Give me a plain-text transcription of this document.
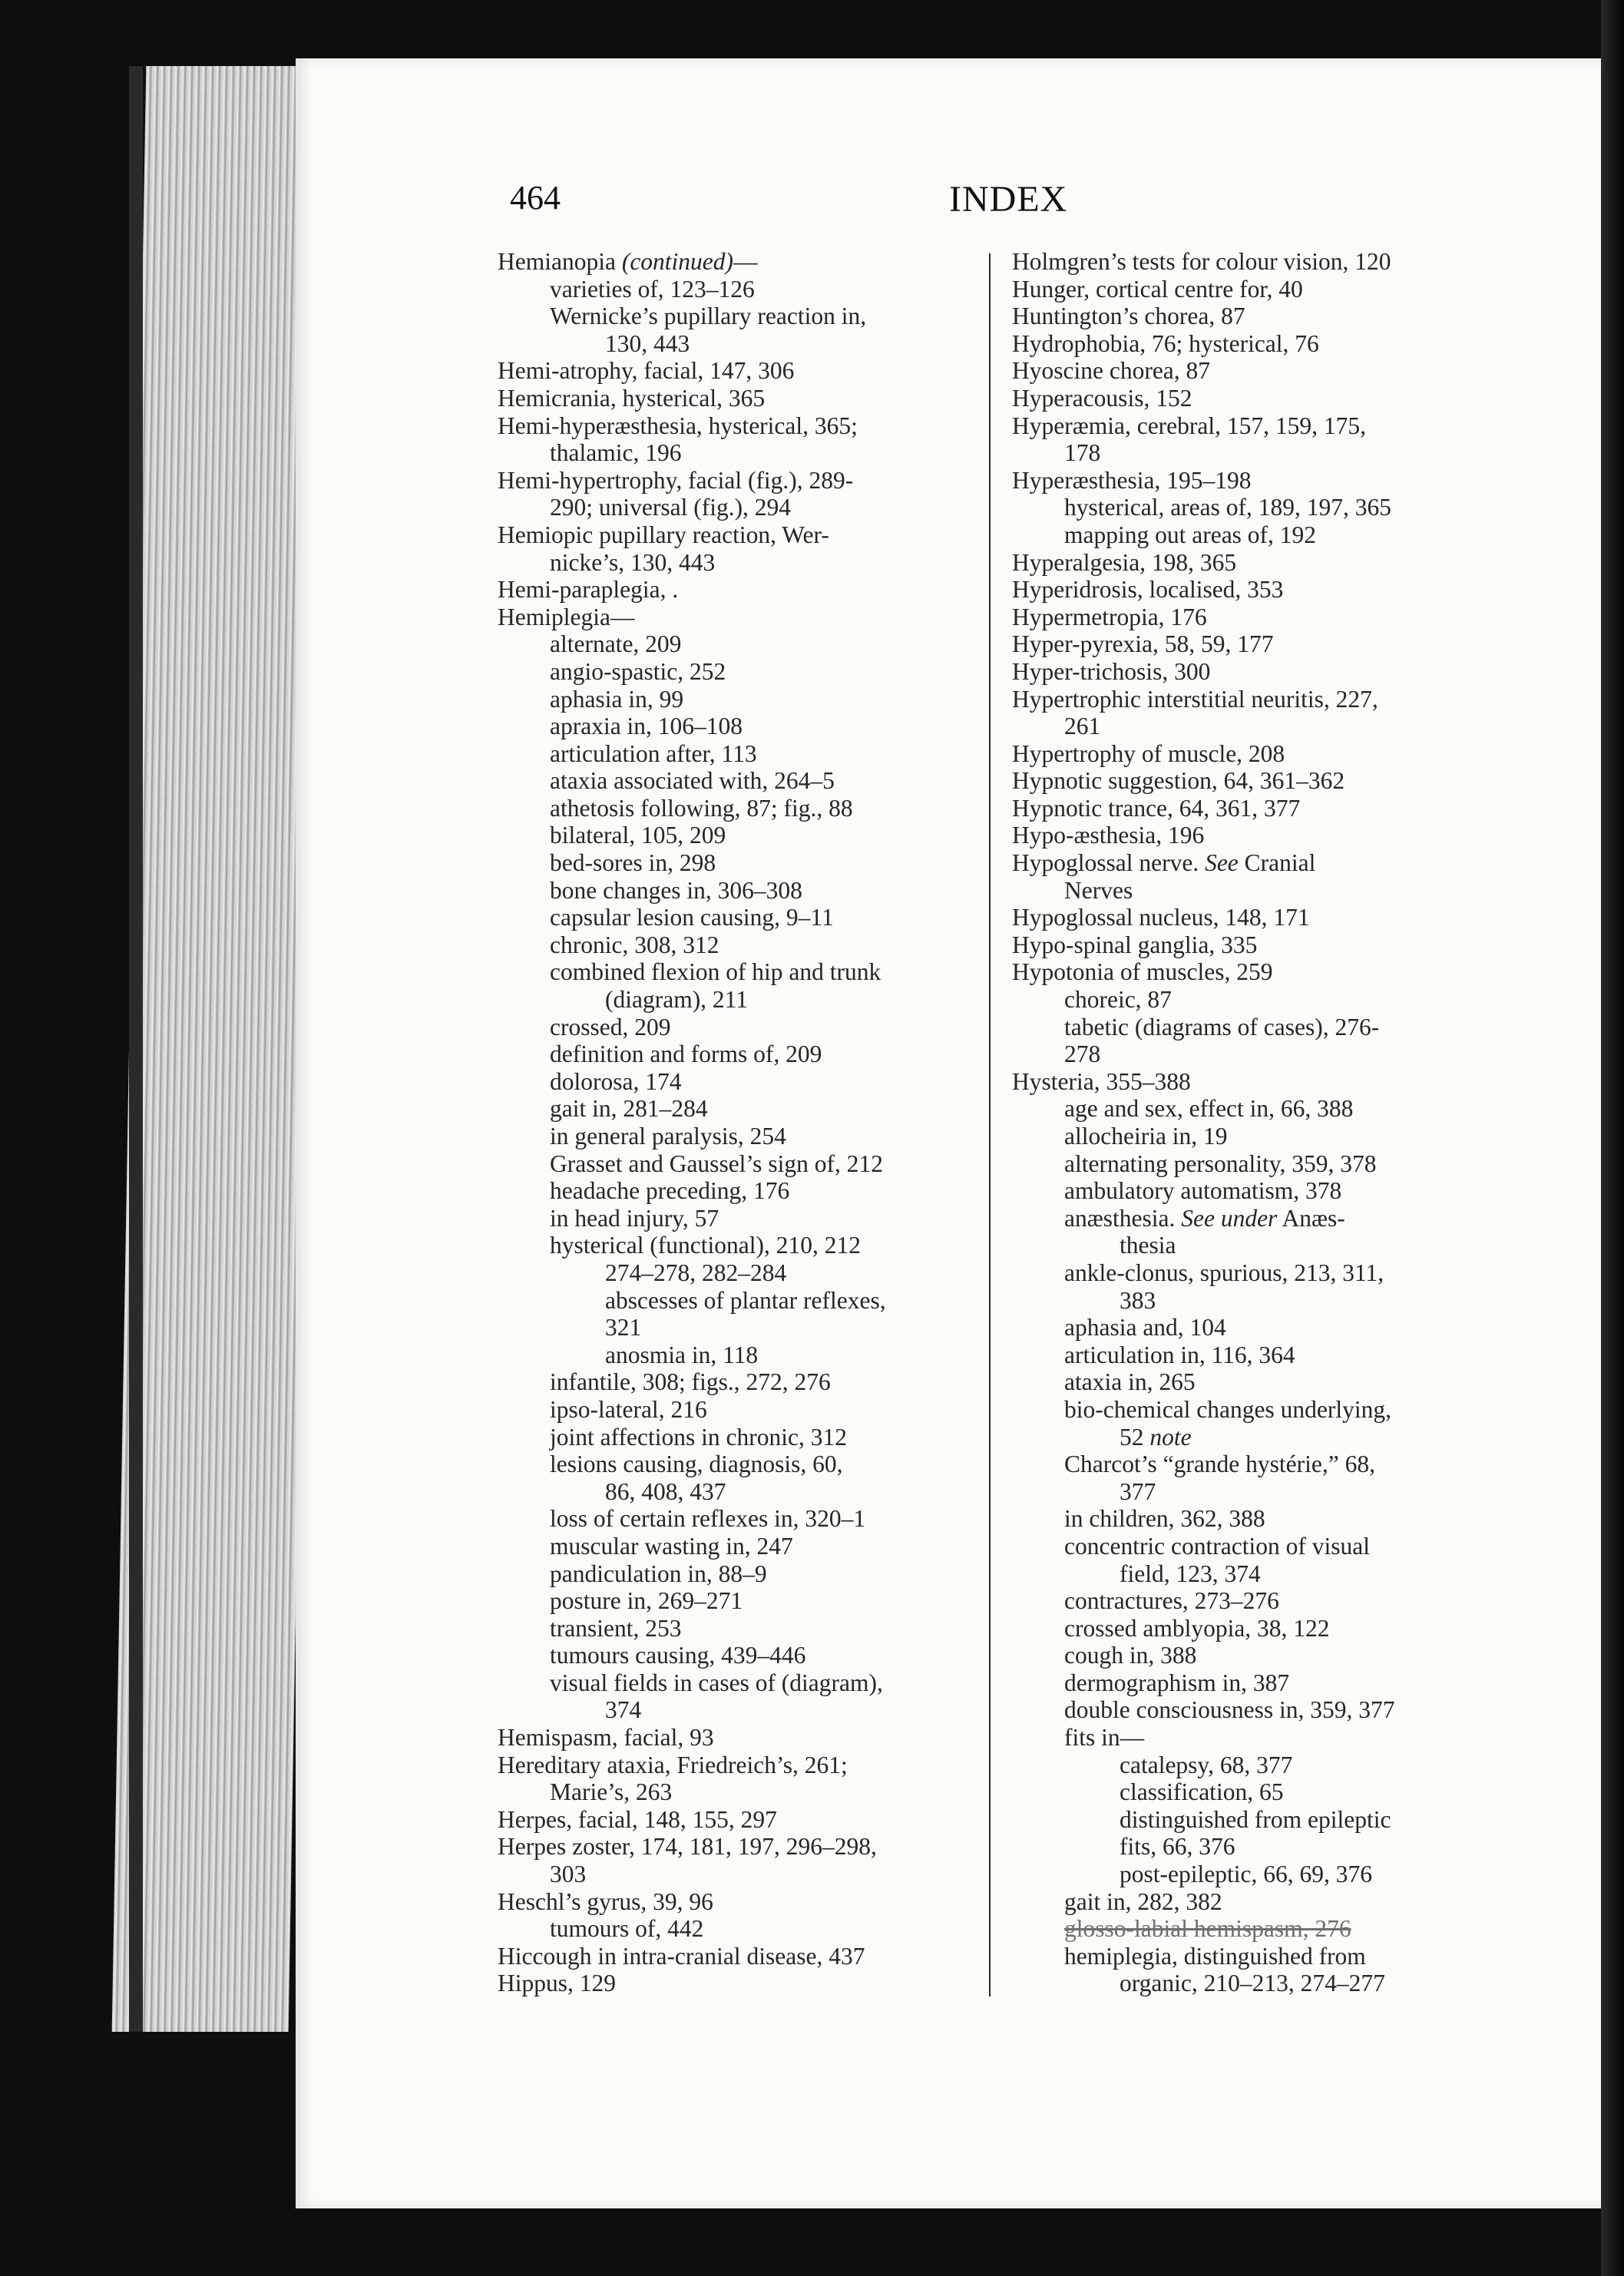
464	INDEX
Hemianopia (continued)—
varieties of, 123–126
Wernicke’s pupillary reaction in,
130, 443
Hemi-atrophy, facial, 147, 306
Hemicrania, hysterical, 365
Hemi-hyperæsthesia, hysterical, 365;
thalamic, 196
Hemi-hypertrophy, facial (fig.), 289-
290; universal (fig.), 294
Hemiopic pupillary reaction, Wer-
nicke’s, 130, 443
Hemi-paraplegia, .
Hemiplegia—
alternate, 209
angio-spastic, 252
aphasia in, 99
apraxia in, 106–108
articulation after, 113
ataxia associated with, 264–5
athetosis following, 87; fig., 88
bilateral, 105, 209
bed-sores in, 298
bone changes in, 306–308
capsular lesion causing, 9–11
chronic, 308, 312
combined flexion of hip and trunk
(diagram), 211
crossed, 209
definition and forms of, 209
dolorosa, 174
gait in, 281–284
in general paralysis, 254
Grasset and Gaussel’s sign of, 212
headache preceding, 176
in head injury, 57
hysterical (functional), 210, 212
274–278, 282–284
abscesses of plantar reflexes,
321
anosmia in, 118
infantile, 308; figs., 272, 276
ipso-lateral, 216
joint affections in chronic, 312
lesions causing, diagnosis, 60,
86, 408, 437
loss of certain reflexes in, 320–1
muscular wasting in, 247
pandiculation in, 88–9
posture in, 269–271
transient, 253
tumours causing, 439–446
visual fields in cases of (diagram),
374
Hemispasm, facial, 93
Hereditary ataxia, Friedreich’s, 261;
Marie’s, 263
Herpes, facial, 148, 155, 297
Herpes zoster, 174, 181, 197, 296–298,
303
Heschl’s gyrus, 39, 96
tumours of, 442
Hiccough in intra-cranial disease, 437
Hippus, 129
Holmgren’s tests for colour vision, 120
Hunger, cortical centre for, 40
Huntington’s chorea, 87
Hydrophobia, 76; hysterical, 76
Hyoscine chorea, 87
Hyperacousis, 152
Hyperæmia, cerebral, 157, 159, 175,
178
Hyperæsthesia, 195–198
hysterical, areas of, 189, 197, 365
mapping out areas of, 192
Hyperalgesia, 198, 365
Hyperidrosis, localised, 353
Hypermetropia, 176
Hyper-pyrexia, 58, 59, 177
Hyper-trichosis, 300
Hypertrophic interstitial neuritis, 227,
261
Hypertrophy of muscle, 208
Hypnotic suggestion, 64, 361–362
Hypnotic trance, 64, 361, 377
Hypo-æsthesia, 196
Hypoglossal nerve. See Cranial
Nerves
Hypoglossal nucleus, 148, 171
Hypo-spinal ganglia, 335
Hypotonia of muscles, 259
choreic, 87
tabetic (diagrams of cases), 276-
278
Hysteria, 355–388
age and sex, effect in, 66, 388
allocheiria in, 19
alternating personality, 359, 378
ambulatory automatism, 378
anæsthesia. See under Anæs-
thesia
ankle-clonus, spurious, 213, 311,
383
aphasia and, 104
articulation in, 116, 364
ataxia in, 265
bio-chemical changes underlying,
52 note
Charcot’s “grande hystérie,” 68,
377
in children, 362, 388
concentric contraction of visual
field, 123, 374
contractures, 273–276
crossed amblyopia, 38, 122
cough in, 388
dermographism in, 387
double consciousness in, 359, 377
fits in—
catalepsy, 68, 377
classification, 65
distinguished from epileptic
fits, 66, 376
post-epileptic, 66, 69, 376
gait in, 282, 382
glosso-labial hemispasm, 276
hemiplegia, distinguished from
organic, 210–213, 274–277
